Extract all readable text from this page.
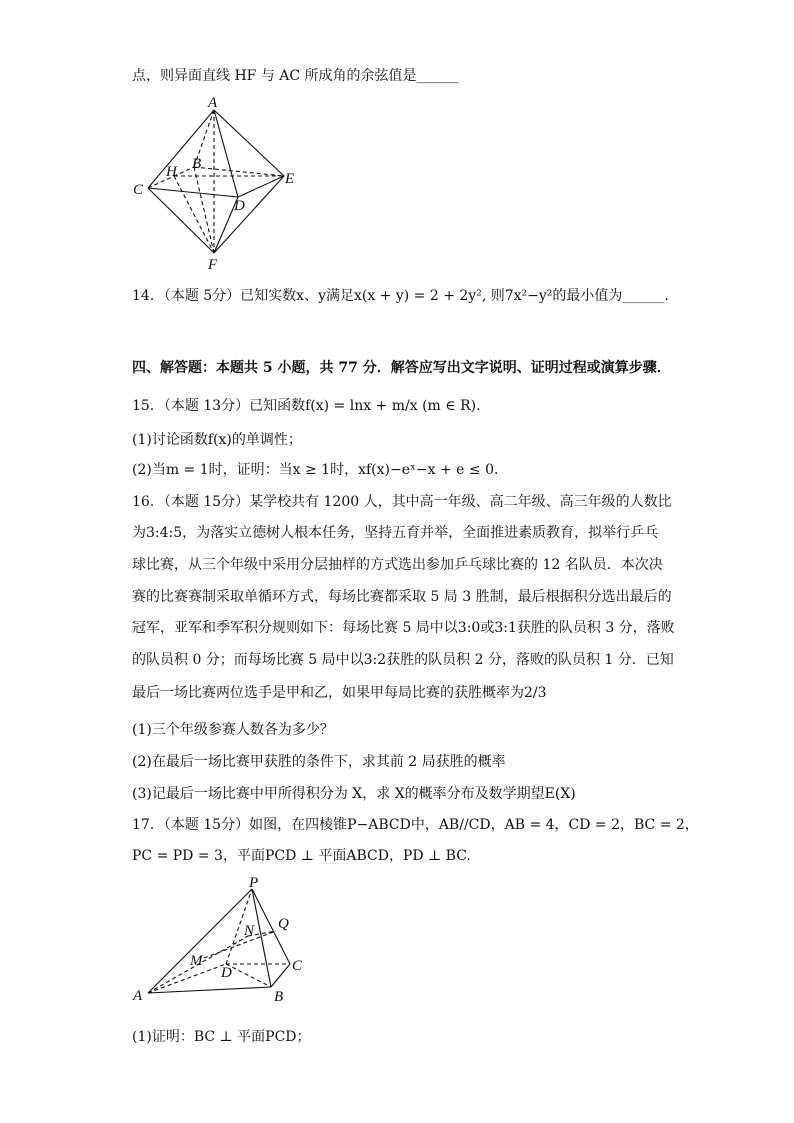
点，则异面直线 HF 与 AC 所成角的余弦值是______
A
H B
C
E
D
F
14．（本题 5分）已知实数x、y满足x(x + y) = 2 + 2y², 则7x²−y²的最小值为______.
四、解答题：本题共 5 小题，共 77 分．解答应写出文字说明、证明过程或演算步骤．
15．（本题 13分）已知函数f(x) = lnx + m/x (m ∈ R).
(1)讨论函数f(x)的单调性；
(2)当m = 1时，证明：当x ≥ 1时，xf(x)−eˣ−x + e ≤ 0.
16．（本题 15分）某学校共有 1200 人，其中高一年级、高二年级、高三年级的人数比
为3:4:5，为落实立德树人根本任务，坚持五育并举，全面推进素质教育，拟举行乒乓
球比赛，从三个年级中采用分层抽样的方式选出参加乒乓球比赛的 12 名队员．本次决
赛的比赛赛制采取单循环方式，每场比赛都采取 5 局 3 胜制，最后根据积分选出最后的
冠军，亚军和季军积分规则如下：每场比赛 5 局中以3:0或3:1获胜的队员积 3 分，落败
的队员积 0 分；而每场比赛 5 局中以3:2获胜的队员积 2 分，落败的队员积 1 分．已知
最后一场比赛两位选手是甲和乙，如果甲每局比赛的获胜概率为2/3
(1)三个年级参赛人数各为多少？
(2)在最后一场比赛甲获胜的条件下，求其前 2 局获胜的概率
(3)记最后一场比赛中甲所得积分为 X，求 X的概率分布及数学期望E(X)
17．（本题 15分）如图，在四棱锥P−ABCD中，AB//CD，AB = 4，CD = 2，BC = 2，
PC = PD = 3，平面PCD ⊥ 平面ABCD，PD ⊥ BC.
P
Q
N
M
D	C
A	B
(1)证明：BC ⊥ 平面PCD；
